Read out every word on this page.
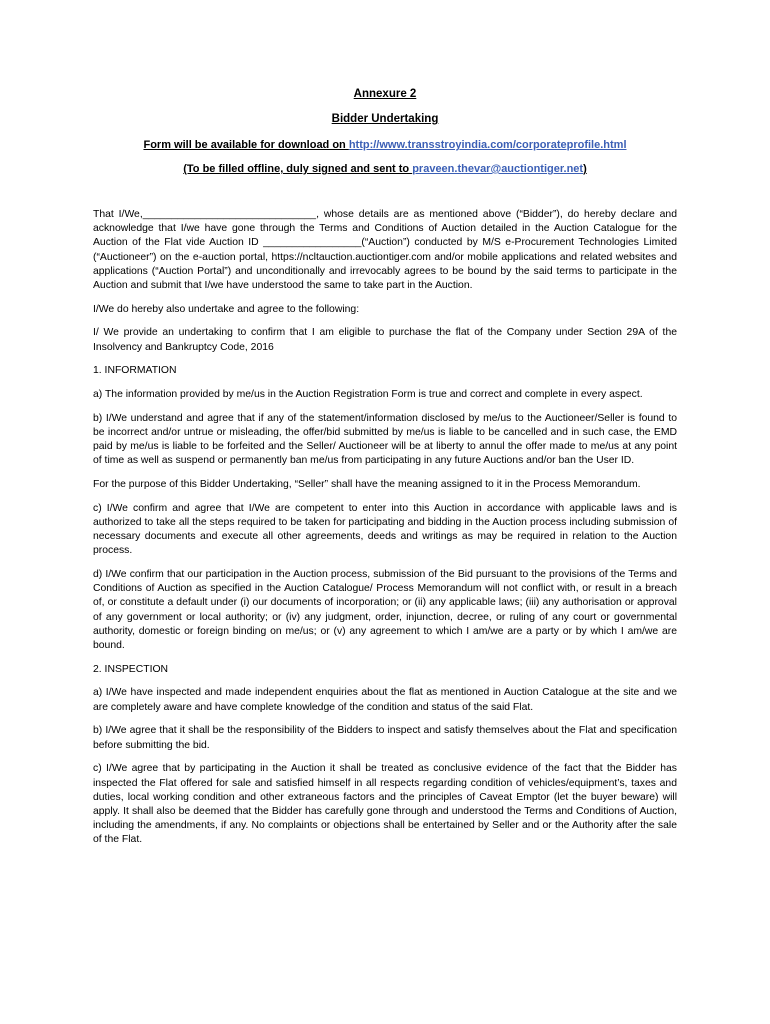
Annexure 2
Bidder Undertaking
Form will be available for download on http://www.transstroyindia.com/corporateprofile.html
(To be filled offline, duly signed and sent to praveen.thevar@auctiontiger.net)

That I/We,______________________________, whose details are as mentioned above (“Bidder”), do hereby declare and acknowledge that I/we have gone through the Terms and Conditions of Auction detailed in the Auction Catalogue for the Auction of the Flat vide Auction ID _________________(“Auction”) conducted by M/S e-Procurement Technologies Limited (“Auctioneer”) on the e-auction portal, https://ncltauction.auctiontiger.com and/or mobile applications and related websites and applications (“Auction Portal”) and unconditionally and irrevocably agrees to be bound by the said terms to participate in the Auction and submit that I/we have understood the same to take part in the Auction.

I/We do hereby also undertake and agree to the following:

I/ We provide an undertaking to confirm that I am eligible to purchase the flat of the Company under Section 29A of the Insolvency and Bankruptcy Code, 2016

1. INFORMATION

a) The information provided by me/us in the Auction Registration Form is true and correct and complete in every aspect.

b) I/We understand and agree that if any of the statement/information disclosed by me/us to the Auctioneer/Seller is found to be incorrect and/or untrue or misleading, the offer/bid submitted by me/us is liable to be cancelled and in such case, the EMD paid by me/us is liable to be forfeited and the Seller/ Auctioneer will be at liberty to annul the offer made to me/us at any point of time as well as suspend or permanently ban me/us from participating in any future Auctions and/or ban the User ID.

For the purpose of this Bidder Undertaking, “Seller” shall have the meaning assigned to it in the Process Memorandum.

c) I/We confirm and agree that I/We are competent to enter into this Auction in accordance with applicable laws and is authorized to take all the steps required to be taken for participating and bidding in the Auction process including submission of necessary documents and execute all other agreements, deeds and writings as may be required in relation to the Auction process.

d) I/We confirm that our participation in the Auction process, submission of the Bid pursuant to the provisions of the Terms and Conditions of Auction as specified in the Auction Catalogue/ Process Memorandum will not conflict with, or result in a breach of, or constitute a default under (i) our documents of incorporation; or (ii) any applicable laws; (iii) any authorisation or approval of any government or local authority; or (iv) any judgment, order, injunction, decree, or ruling of any court or governmental authority, domestic or foreign binding on me/us; or (v) any agreement to which I am/we are a party or by which I am/we are bound.

2. INSPECTION

a) I/We have inspected and made independent enquiries about the flat as mentioned in Auction Catalogue at the site and we are completely aware and have complete knowledge of the condition and status of the said Flat.

b) I/We agree that it shall be the responsibility of the Bidders to inspect and satisfy themselves about the Flat and specification before submitting the bid.

c) I/We agree that by participating in the Auction it shall be treated as conclusive evidence of the fact that the Bidder has inspected the Flat offered for sale and satisfied himself in all respects regarding condition of vehicles/equipment’s, taxes and duties, local working condition and other extraneous factors and the principles of Caveat Emptor (let the buyer beware) will apply. It shall also be deemed that the Bidder has carefully gone through and understood the Terms and Conditions of Auction, including the amendments, if any. No complaints or objections shall be entertained by Seller and or the Authority after the sale of the Flat.
